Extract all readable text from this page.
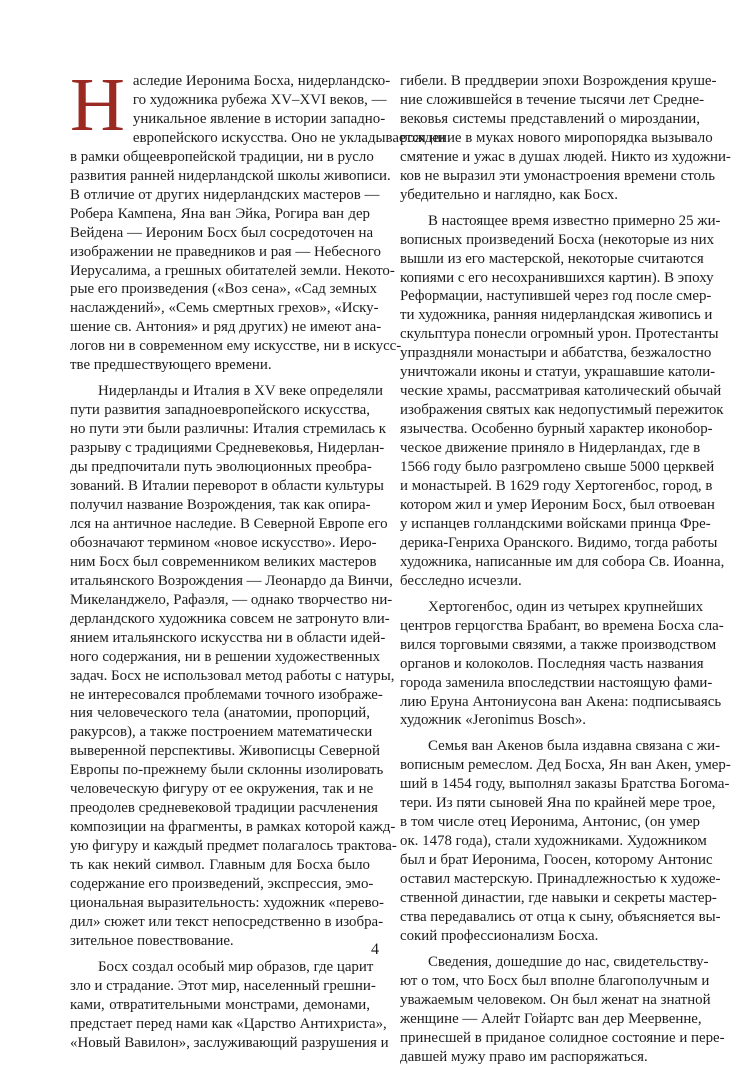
Н аследие Иеронима Босха, нидерландско-
го художника рубежа XV–XVI веков, —
уникальное явление в истории западно-
европейского искусства. Оно не укладывается ни
в рамки общеевропейской традиции, ни в русло
развития ранней нидерландской школы живописи.
В отличие от других нидерландских мастеров —
Робера Кампена, Яна ван Эйка, Рогира ван дер
Вейдена — Иероним Босх был сосредоточен на
изображении не праведников и рая — Небесного
Иерусалима, а грешных обитателей земли. Некото-
рые его произведения («Воз сена», «Сад земных
наслаждений», «Семь смертных грехов», «Иску-
шение св. Антония» и ряд других) не имеют ана-
логов ни в современном ему искусстве, ни в искусс-
тве предшествующего времени.

Нидерланды и Италия в XV веке определяли
пути развития западноевропейского искусства,
но пути эти были различны: Италия стремилась к
разрыву с традициями Средневековья, Нидерлан-
ды предпочитали путь эволюционных преобра-
зований. В Италии переворот в области культуры
получил название Возрождения, так как опира-
лся на античное наследие. В Северной Европе его
обозначают термином «новое искусство». Иеро-
ним Босх был современником великих мастеров
итальянского Возрождения — Леонардо да Винчи,
Микеланджело, Рафаэля, — однако творчество ни-
дерландского художника совсем не затронуто вли-
янием итальянского искусства ни в области идей-
ного содержания, ни в решении художественных
задач. Босх не использовал метод работы с натуры,
не интересовался проблемами точного изображе-
ния человеческого тела (анатомии, пропорций,
ракурсов), а также построением математически
выверенной перспективы. Живописцы Северной
Европы по-прежнему были склонны изолировать
человеческую фигуру от ее окружения, так и не
преодолев средневековой традиции расчленения
композиции на фрагменты, в рамках которой кажд-
ую фигуру и каждый предмет полагалось трактова-
ть как некий символ. Главным для Босха было
содержание его произведений, экспрессия, эмо-
циональная выразительность: художник «перево-
дил» сюжет или текст непосредственно в изобра-
зительное повествование.

Босх создал особый мир образов, где царит
зло и страдание. Этот мир, населенный грешни-
ками, отвратительными монстрами, демонами,
предстает перед нами как «Царство Антихриста»,
«Новый Вавилон», заслуживающий разрушения и

гибели. В преддверии эпохи Возрождения круше-
ние сложившейся в течение тысячи лет Средне-
вековья системы представлений о мироздании,
рождение в муках нового миропорядка вызывало
смятение и ужас в душах людей. Никто из художни-
ков не выразил эти умонастроения времени столь
убедительно и наглядно, как Босх.

В настоящее время известно примерно 25 жи-
вописных произведений Босха (некоторые из них
вышли из его мастерской, некоторые считаются
копиями с его несохранившихся картин). В эпоху
Реформации, наступившей через год после смер-
ти художника, ранняя нидерландская живопись и
скульптура понесли огромный урон. Протестанты
упраздняли монастыри и аббатства, безжалостно
уничтожали иконы и статуи, украшавшие католи-
ческие храмы, рассматривая католический обычай
изображения святых как недопустимый пережиток
язычества. Особенно бурный характер иконобор-
ческое движение приняло в Нидерландах, где в
1566 году было разгромлено свыше 5000 церквей
и монастырей. В 1629 году Хертогенбос, город, в
котором жил и умер Иероним Босх, был отвоеван
у испанцев голландскими войсками принца Фре-
дерика-Генриха Оранского. Видимо, тогда работы
художника, написанные им для собора Св. Иоанна,
бесследно исчезли.

Хертогенбос, один из четырех крупнейших
центров герцогства Брабант, во времена Босха сла-
вился торговыми связями, а также производством
органов и колоколов. Последняя часть названия
города заменила впоследствии настоящую фами-
лию Еруна Антониусона ван Акена: подписываясь
художник «Jeronimus Bosch».

Семья ван Акенов была издавна связана с жи-
вописным ремеслом. Дед Босха, Ян ван Акен, умер-
ший в 1454 году, выполнял заказы Братства Богома-
тери. Из пяти сыновей Яна по крайней мере трое,
в том числе отец Иеронима, Антонис, (он умер
ок. 1478 года), стали художниками. Художником
был и брат Иеронима, Гоосен, которому Антонис
оставил мастерскую. Принадлежностью к художе-
ственной династии, где навыки и секреты мастер-
ства передавались от отца к сыну, объясняется вы-
сокий профессионализм Босха.

Сведения, дошедшие до нас, свидетельству-
ют о том, что Босх был вполне благополучным и
уважаемым человеком. Он был женат на знатной
женщине — Алейт Гойартс ван дер Меервенне,
принесшей в приданое солидное состояние и пере-
давшей мужу право им распоряжаться.

4
